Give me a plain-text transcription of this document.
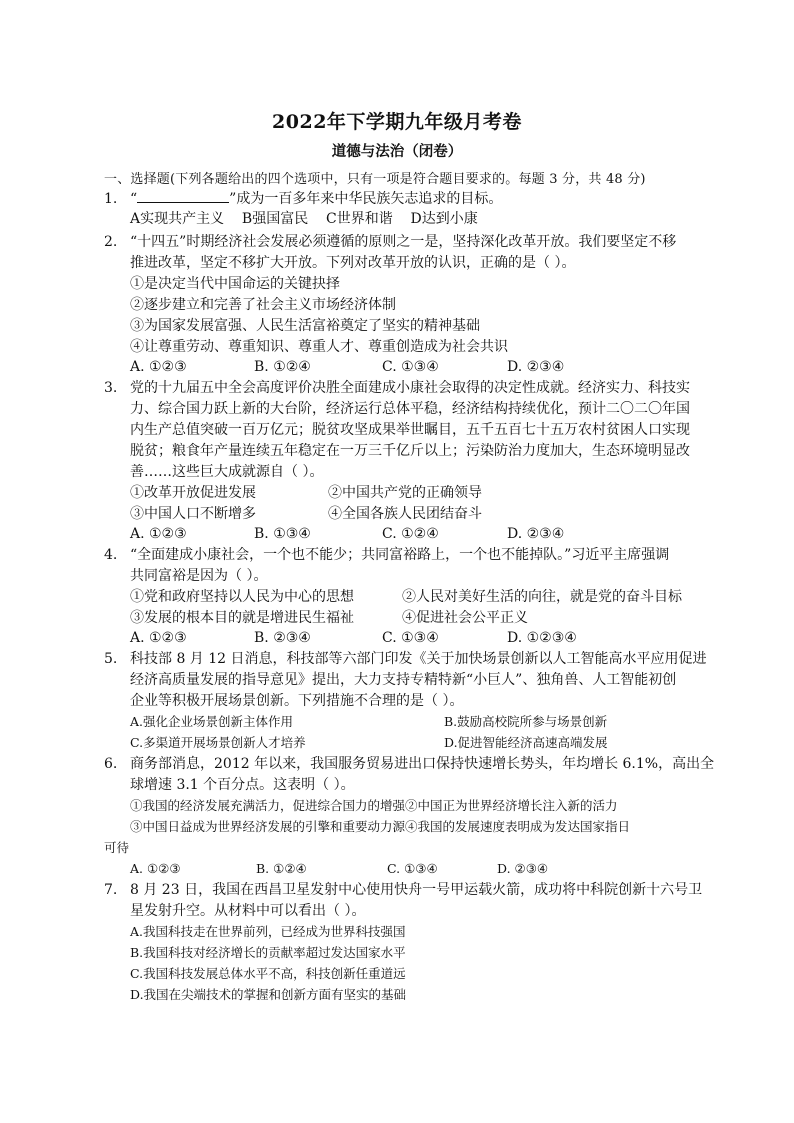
2022年下学期九年级月考卷
道德与法治（闭卷）
一、选择题(下列各题给出的四个选项中，只有一项是符合题目要求的。每题 3 分，共 48 分)
1. “	”成为一百多年来中华民族矢志追求的目标。
A实现共产主义    B强国富民    C世界和谐    D达到小康
2. “十四五”时期经济社会发展必须遵循的原则之一是，坚持深化改革开放。我们要坚定不移
推进改革，坚定不移扩大开放。下列对改革开放的认识，正确的是（ ）。
①是决定当代中国命运的关键抉择
②逐步建立和完善了社会主义市场经济体制
③为国家发展富强、人民生活富裕奠定了坚实的精神基础
④让尊重劳动、尊重知识、尊重人才、尊重创造成为社会共识
A. ①②③	B. ①②④	C. ①③④	D. ②③④
3. 党的十九届五中全会高度评价决胜全面建成小康社会取得的决定性成就。经济实力、科技实
力、综合国力跃上新的大台阶，经济运行总体平稳，经济结构持续优化，预计二〇二〇年国
内生产总值突破一百万亿元；脱贫攻坚成果举世瞩目，五千五百七十五万农村贫困人口实现
脱贫；粮食年产量连续五年稳定在一万三千亿斤以上；污染防治力度加大，生态环境明显改
善……这些巨大成就源自（ ）。
①改革开放促进发展	②中国共产党的正确领导
③中国人口不断增多	④全国各族人民团结奋斗
A. ①②③	B. ①③④	C. ①②④	D. ②③④
4. “全面建成小康社会，一个也不能少；共同富裕路上，一个也不能掉队。”习近平主席强调
共同富裕是因为（ ）。
①党和政府坚持以人民为中心的思想	②人民对美好生活的向往，就是党的奋斗目标
③发展的根本目的就是增进民生福祉	④促进社会公平正义
A. ①②③	B. ②③④	C. ①③④	D. ①②③④
5. 科技部 8 月 12 日消息，科技部等六部门印发《关于加快场景创新以人工智能高水平应用促进
经济高质量发展的指导意见》提出，大力支持专精特新“小巨人”、独角兽、人工智能初创
企业等积极开展场景创新。下列措施不合理的是（ ）。
A.强化企业场景创新主体作用	B.鼓励高校院所参与场景创新
C.多渠道开展场景创新人才培养	D.促进智能经济高速高端发展
6. 商务部消息，2012 年以来，我国服务贸易进出口保持快速增长势头，年均增长 6.1%，高出全
球增速 3.1 个百分点。这表明（ ）。
①我国的经济发展充满活力，促进综合国力的增强②中国正为世界经济增长注入新的活力
③中国日益成为世界经济发展的引擎和重要动力源④我国的发展速度表明成为发达国家指日
可待
A. ①②③	B. ①②④	C. ①③④	D. ②③④
7. 8 月 23 日，我国在西昌卫星发射中心使用快舟一号甲运载火箭，成功将中科院创新十六号卫
星发射升空。从材料中可以看出（ ）。
A.我国科技走在世界前列，已经成为世界科技强国
B.我国科技对经济增长的贡献率超过发达国家水平
C.我国科技发展总体水平不高，科技创新任重道远
D.我国在尖端技术的掌握和创新方面有坚实的基础
